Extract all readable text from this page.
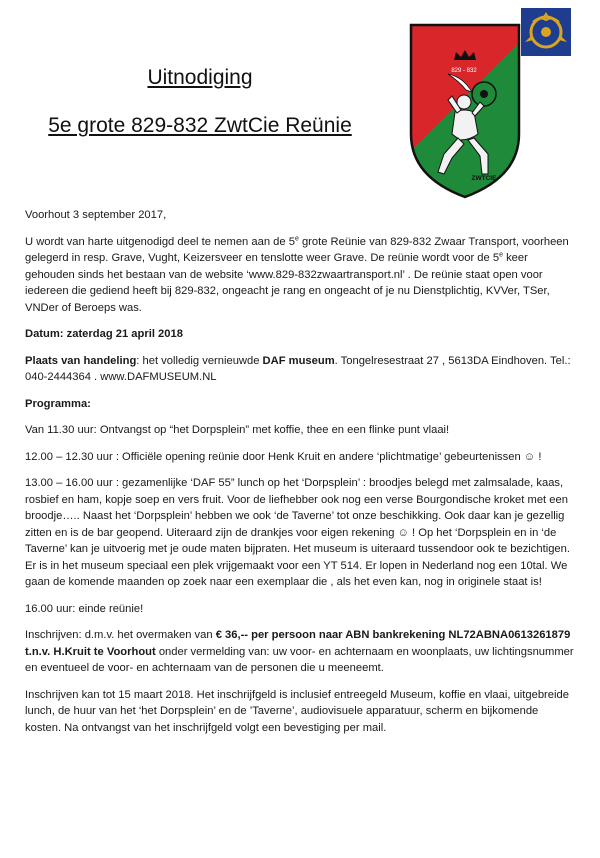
Uitnodiging
5e grote 829-832 ZwtCie Reünie
829 - 832
ZWTCIE

Voorhout 3 september 2017,

U wordt van harte uitgenodigd deel te nemen aan de 5e grote Reünie van 829-832 Zwaar Transport, voorheen gelegerd in resp. Grave, Vught, Keizersveer en tenslotte weer Grave. De reünie wordt voor de 5e keer gehouden sinds het bestaan van de website ‘www.829-832zwaartransport.nl’ . De reünie staat open voor iedereen die gediend heeft bij 829-832, ongeacht je rang en ongeacht of je nu Dienstplichtig, KVVer, TSer, VNDer of Beroeps was.

Datum: zaterdag 21 april 2018

Plaats van handeling: het volledig vernieuwde DAF museum. Tongelresestraat 27 , 5613DA Eindhoven. Tel.: 040-2444364 . www.DAFMUSEUM.NL

Programma:

Van 11.30 uur: Ontvangst op “het Dorpsplein” met koffie, thee en een flinke punt vlaai!

12.00 – 12.30 uur : Officiële opening reünie door Henk Kruit en andere ‘plichtmatige’ gebeurtenissen ☺ !

13.00 – 16.00 uur : gezamenlijke ‘DAF 55” lunch op het ‘Dorpsplein’ : broodjes belegd met zalmsalade, kaas, rosbief en ham, kopje soep en vers fruit. Voor de liefhebber ook nog een verse Bourgondische kroket met een broodje….. Naast het ‘Dorpsplein’ hebben we ook ‘de Taverne’ tot onze beschikking. Ook daar kan je gezellig zitten en is de bar geopend. Uiteraard zijn de drankjes voor eigen rekening ☺ ! Op het ‘Dorpsplein en in ‘de Taverne’ kan je uitvoerig met je oude maten bijpraten. Het museum is uiteraard tussendoor ook te bezichtigen. Er is in het museum speciaal een plek vrijgemaakt voor een YT 514. Er lopen in Nederland nog een 10tal. We gaan de komende maanden op zoek naar een exemplaar die , als het even kan, nog in originele staat is!

16.00 uur: einde reünie!

Inschrijven: d.m.v. het overmaken van € 36,-- per persoon naar ABN bankrekening NL72ABNA0613261879 t.n.v. H.Kruit te Voorhout onder vermelding van: uw voor- en achternaam en woonplaats, uw lichtingsnummer en eventueel de voor- en achternaam van de personen die u meeneemt.

Inschrijven kan tot 15 maart 2018. Het inschrijfgeld is inclusief entreegeld Museum, koffie en vlaai, uitgebreide lunch, de huur van het ‘het Dorpsplein’ en de ’Taverne’, audiovisuele apparatuur, scherm en bijkomende kosten. Na ontvangst van het inschrijfgeld volgt een bevestiging per mail.
